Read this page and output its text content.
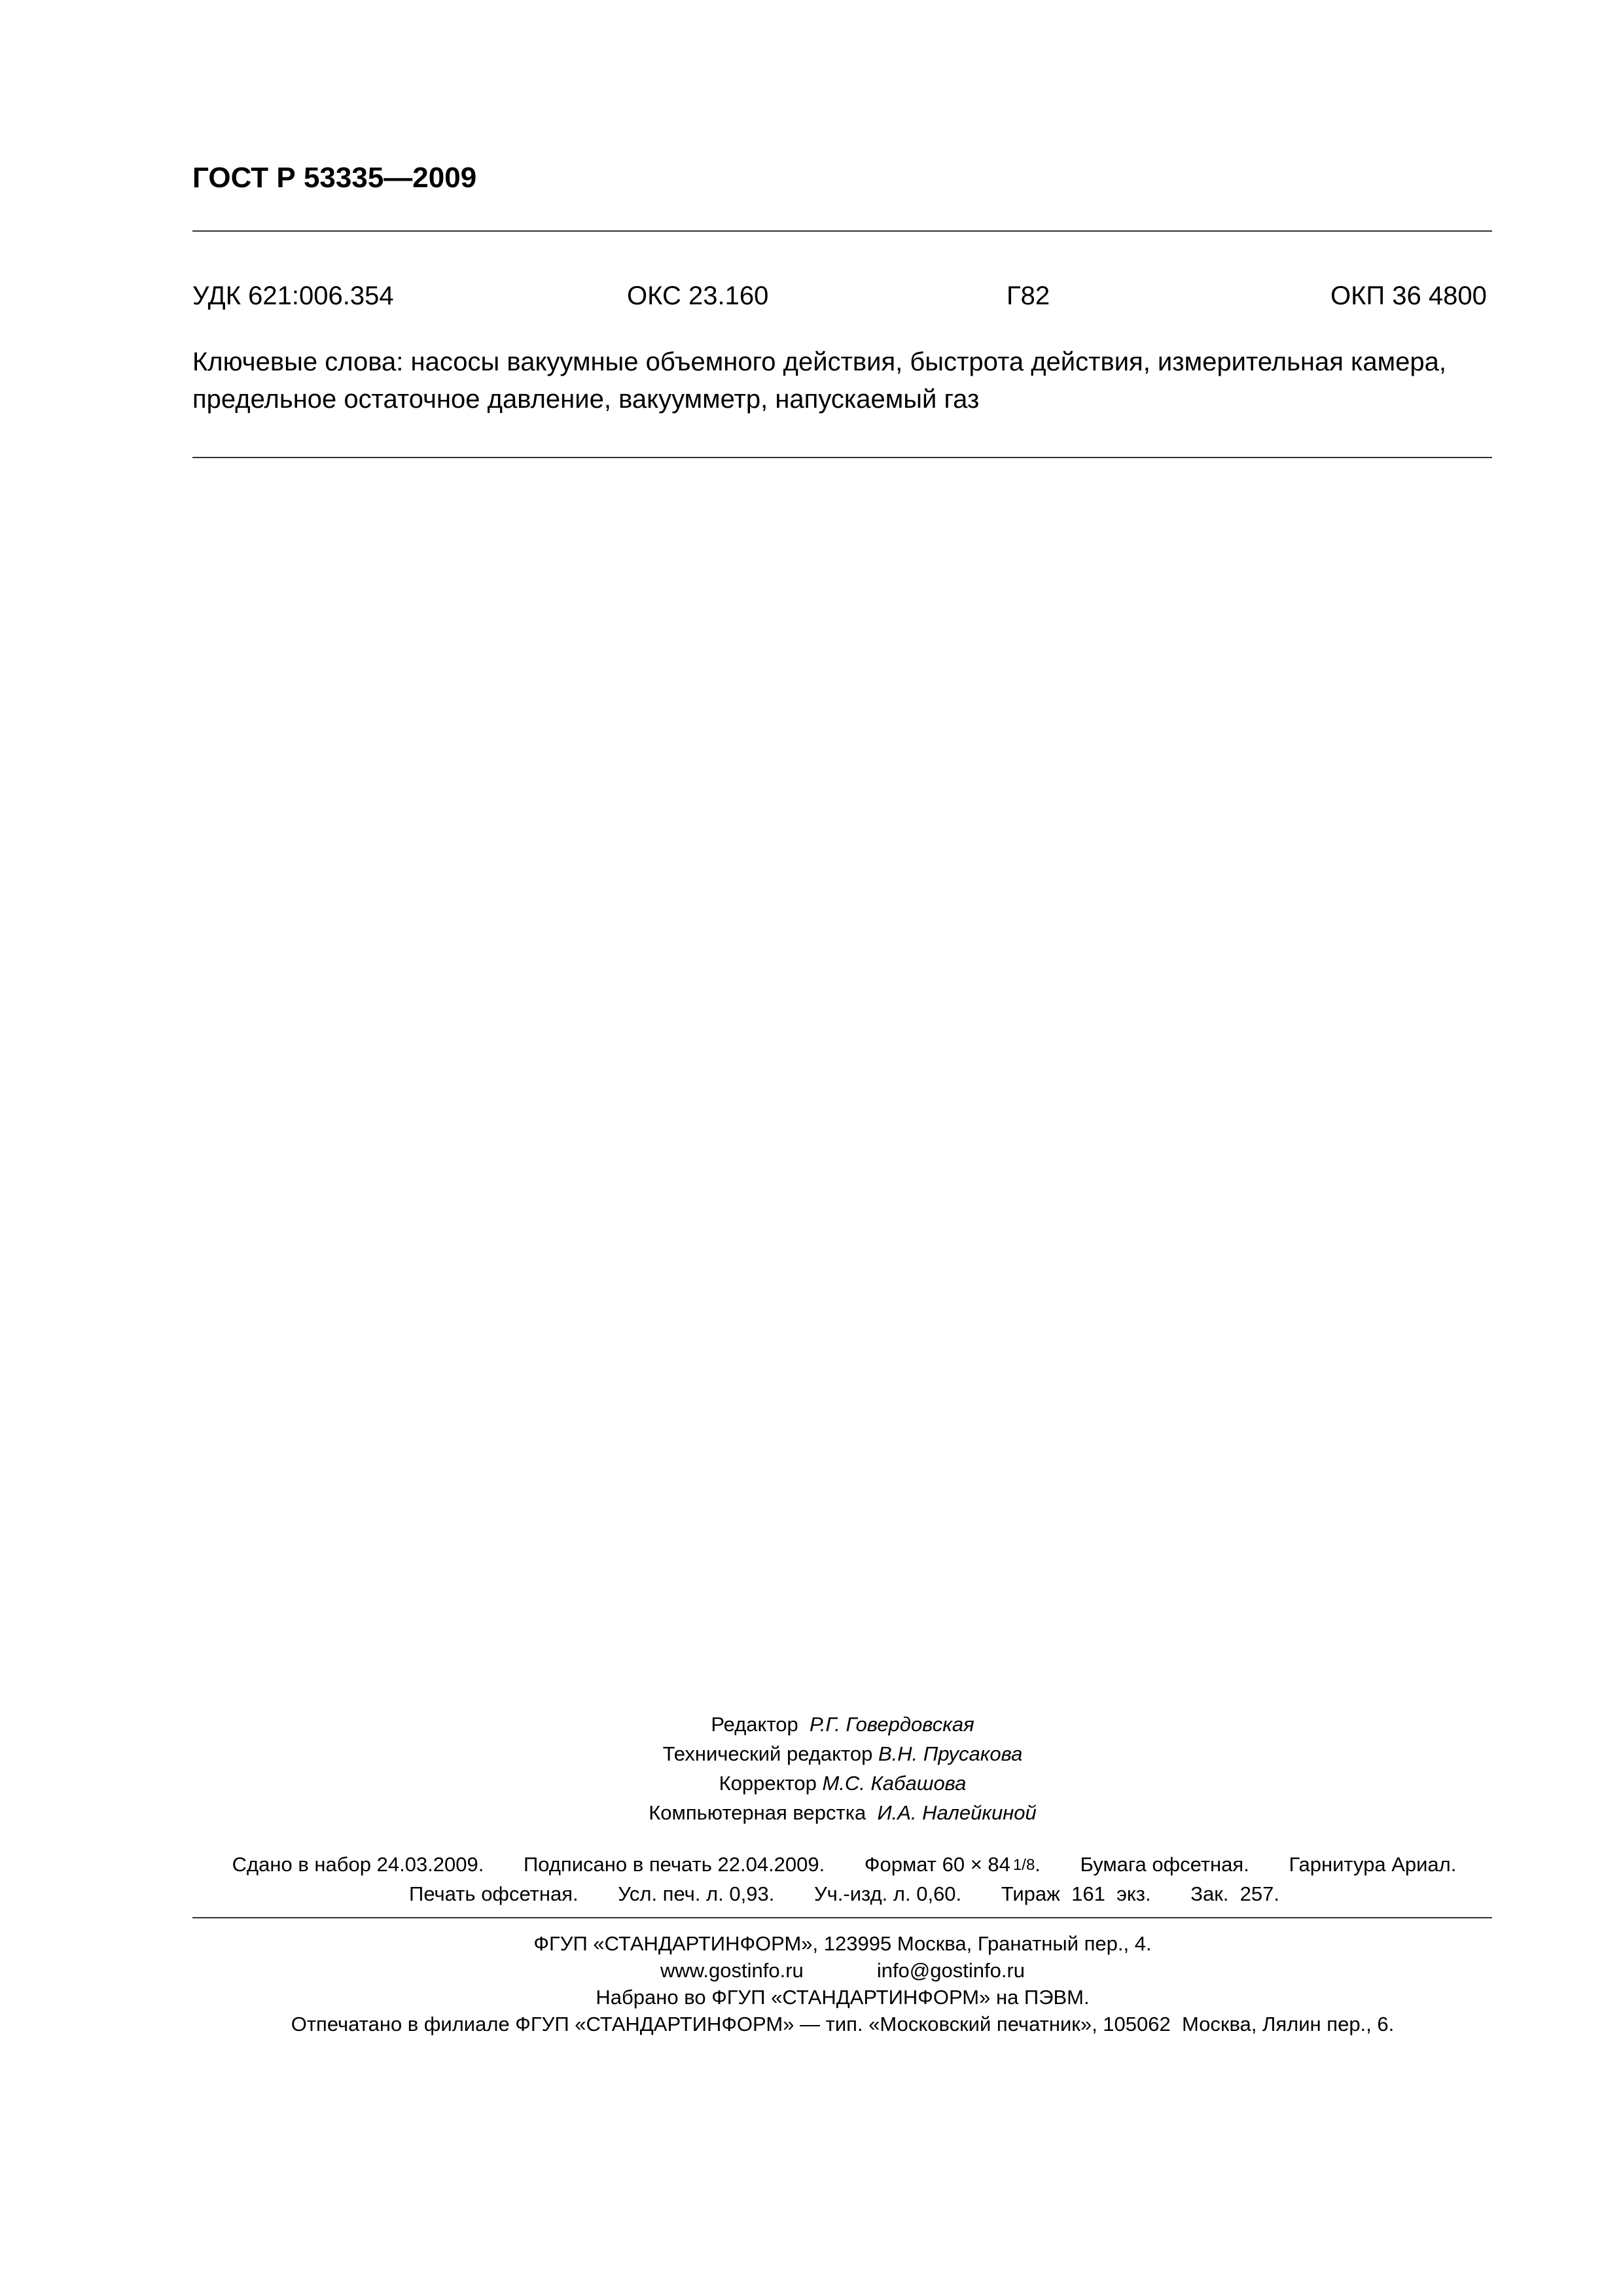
ГОСТ Р 53335—2009
УДК 621:006.354	ОКС 23.160	Г82	ОКП 36 4800
Ключевые слова: насосы вакуумные объемного действия, быстрота действия, измерительная камера,
предельное остаточное давление, вакуумметр, напускаемый газ
Редактор Р.Г. Говердовская
Технический редактор В.Н. Прусакова
Корректор М.С. Кабашова
Компьютерная верстка И.А. Налейкиной
Сдано в набор 24.03.2009. Подписано в печать 22.04.2009. Формат 60 × 84 1/8. Бумага офсетная. Гарнитура Ариал.
Печать офсетная. Усл. печ. л. 0,93. Уч.-изд. л. 0,60. Тираж  161  экз. Зак.  257.
ФГУП «СТАНДАРТИНФОРМ», 123995 Москва, Гранатный пер., 4.
www.gostinfo.ru	info@gostinfo.ru
Набрано во ФГУП «СТАНДАРТИНФОРМ» на ПЭВМ.
Отпечатано в филиале ФГУП «СТАНДАРТИНФОРМ» — тип. «Московский печатник», 105062  Москва, Лялин пер., 6.
